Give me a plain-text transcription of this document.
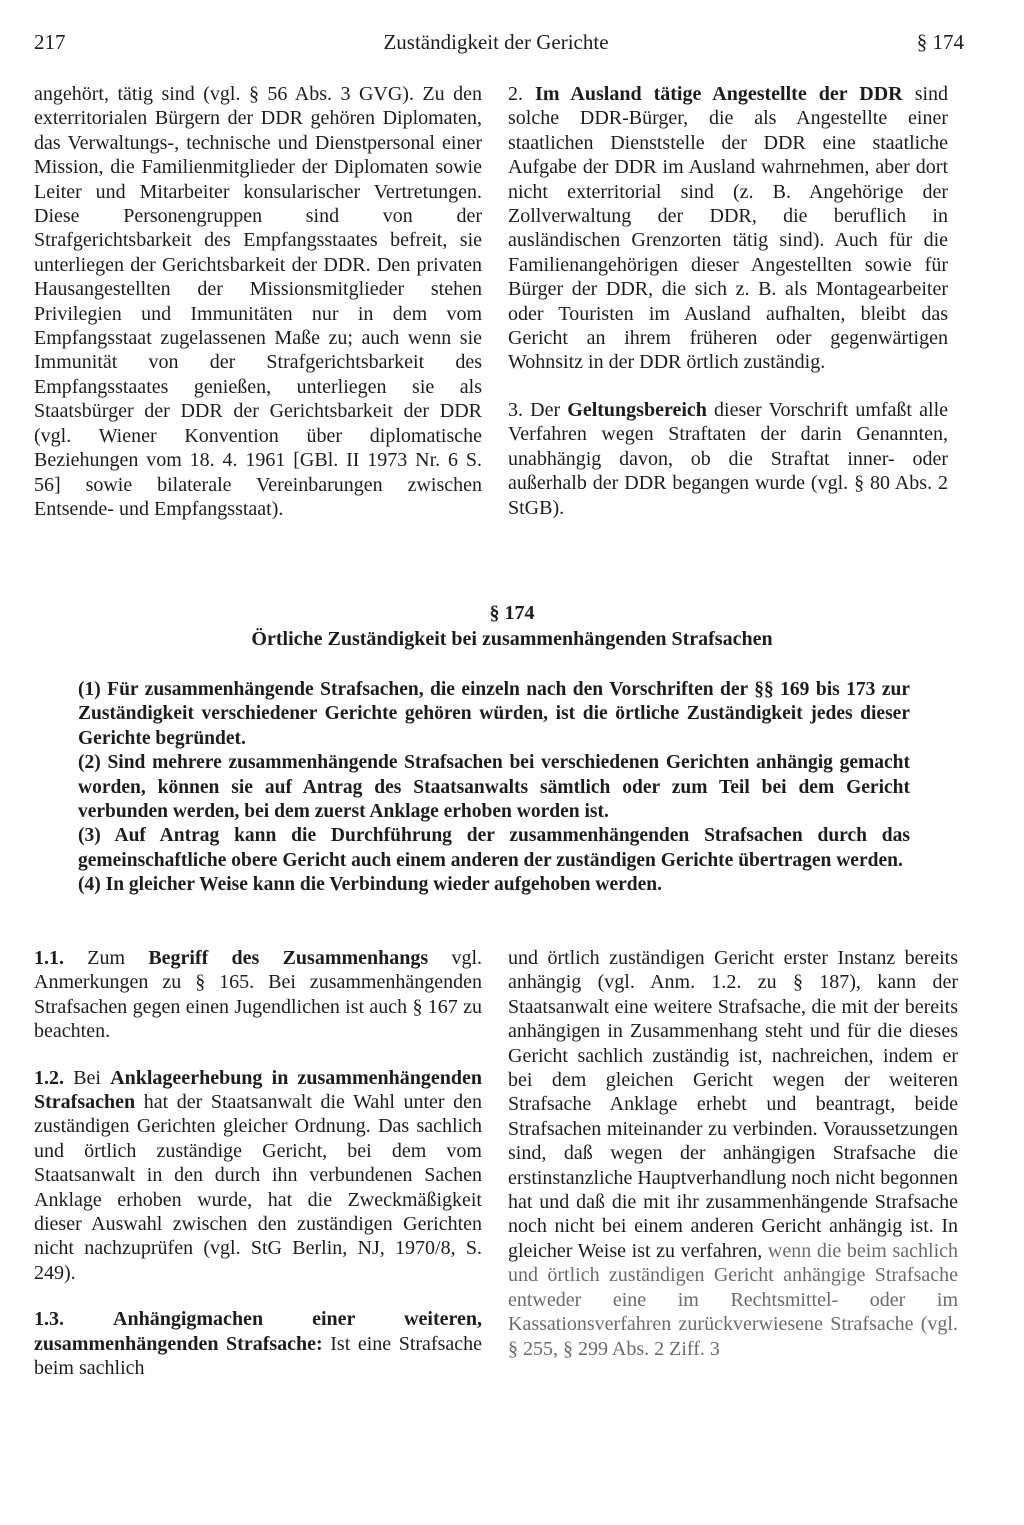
217	Zuständigkeit der Gerichte	§ 174

angehört, tätig sind (vgl. § 56 Abs. 3 GVG). Zu den exterritorialen Bürgern der DDR gehören Diplomaten, das Verwaltungs-, technische und Dienstpersonal einer Mission, die Familienmitglieder der Diplomaten sowie Leiter und Mitarbeiter konsularischer Vertretungen. Diese Personengruppen sind von der Strafgerichtsbarkeit des Empfangsstaates befreit, sie unterliegen der Gerichtsbarkeit der DDR. Den privaten Hausangestellten der Missionsmitglieder stehen Privilegien und Immunitäten nur in dem vom Empfangsstaat zugelassenen Maße zu; auch wenn sie Immunität von der Strafgerichtsbarkeit des Empfangsstaates genießen, unterliegen sie als Staatsbürger der DDR der Gerichtsbarkeit der DDR (vgl. Wiener Konvention über diplomatische Beziehungen vom 18. 4. 1961 [GBl. II 1973 Nr. 6 S. 56] sowie bilaterale Vereinbarungen zwischen Entsende- und Empfangsstaat).

2. Im Ausland tätige Angestellte der DDR sind solche DDR-Bürger, die als Angestellte einer staatlichen Dienststelle der DDR eine staatliche Aufgabe der DDR im Ausland wahrnehmen, aber dort nicht exterritorial sind (z. B. Angehörige der Zollverwaltung der DDR, die beruflich in ausländischen Grenzorten tätig sind). Auch für die Familienangehörigen dieser Angestellten sowie für Bürger der DDR, die sich z. B. als Montagearbeiter oder Touristen im Ausland aufhalten, bleibt das Gericht an ihrem früheren oder gegenwärtigen Wohnsitz in der DDR örtlich zuständig.

3. Der Geltungsbereich dieser Vorschrift umfaßt alle Verfahren wegen Straftaten der darin Genannten, unabhängig davon, ob die Straftat inner- oder außerhalb der DDR begangen wurde (vgl. § 80 Abs. 2 StGB).

§ 174
Örtliche Zuständigkeit bei zusammenhängenden Strafsachen

(1) Für zusammenhängende Strafsachen, die einzeln nach den Vorschriften der §§ 169 bis 173 zur Zuständigkeit verschiedener Gerichte gehören würden, ist die örtliche Zuständigkeit jedes dieser Gerichte begründet.

(2) Sind mehrere zusammenhängende Strafsachen bei verschiedenen Gerichten anhängig gemacht worden, können sie auf Antrag des Staatsanwalts sämtlich oder zum Teil bei dem Gericht verbunden werden, bei dem zuerst Anklage erhoben worden ist.

(3) Auf Antrag kann die Durchführung der zusammenhängenden Strafsachen durch das gemeinschaftliche obere Gericht auch einem anderen der zuständigen Gerichte übertragen werden.

(4) In gleicher Weise kann die Verbindung wieder aufgehoben werden.

1.1. Zum Begriff des Zusammenhangs vgl. Anmerkungen zu § 165. Bei zusammenhängenden Strafsachen gegen einen Jugendlichen ist auch § 167 zu beachten.

1.2. Bei Anklageerhebung in zusammenhängenden Strafsachen hat der Staatsanwalt die Wahl unter den zuständigen Gerichten gleicher Ordnung. Das sachlich und örtlich zuständige Gericht, bei dem vom Staatsanwalt in den durch ihn verbundenen Sachen Anklage erhoben wurde, hat die Zweckmäßigkeit dieser Auswahl zwischen den zuständigen Gerichten nicht nachzuprüfen (vgl. StG Berlin, NJ, 1970/8, S. 249).

1.3. Anhängigmachen einer weiteren, zusammenhängenden Strafsache: Ist eine Strafsache beim sachlich

und örtlich zuständigen Gericht erster Instanz bereits anhängig (vgl. Anm. 1.2. zu § 187), kann der Staatsanwalt eine weitere Strafsache, die mit der bereits anhängigen in Zusammenhang steht und für die dieses Gericht sachlich zuständig ist, nachreichen, indem er bei dem gleichen Gericht wegen der weiteren Strafsache Anklage erhebt und beantragt, beide Strafsachen miteinander zu verbinden. Voraussetzungen sind, daß wegen der anhängigen Strafsache die erstinstanzliche Hauptverhandlung noch nicht begonnen hat und daß die mit ihr zusammenhängende Strafsache noch nicht bei einem anderen Gericht anhängig ist. In gleicher Weise ist zu verfahren, wenn die beim sachlich und örtlich zuständigen Gericht anhängige Strafsache entweder eine im Rechtsmittel- oder im Kassationsverfahren zurückverwiesene Strafsache (vgl. § 255, § 299 Abs. 2 Ziff. 3
